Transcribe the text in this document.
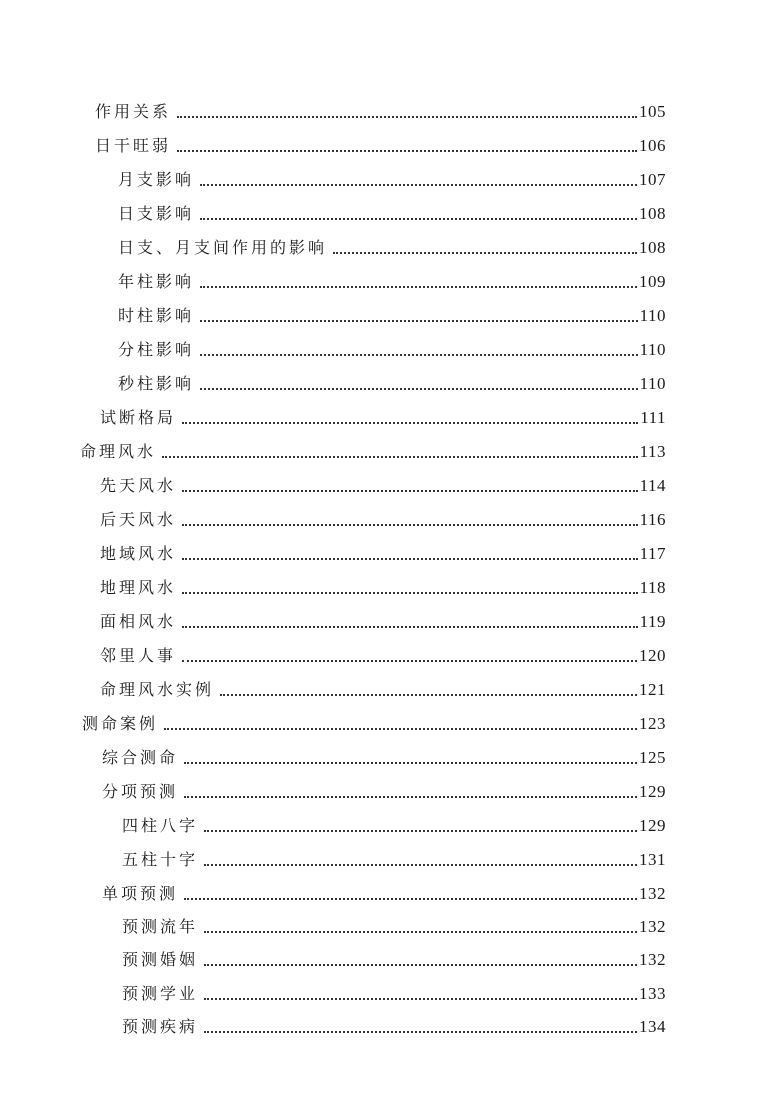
作用关系	105
日干旺弱	106
月支影响	107
日支影响	108
日支、月支间作用的影响	108
年柱影响	109
时柱影响	110
分柱影响	110
秒柱影响	110
试断格局	111
命理风水	113
先天风水	114
后天风水	116
地域风水	117
地理风水	118
面相风水	119
邻里人事	120
命理风水实例	121
测命案例	123
综合测命	125
分项预测	129
四柱八字	129
五柱十字	131
单项预测	132
预测流年	132
预测婚姻	132
预测学业	133
预测疾病	134
